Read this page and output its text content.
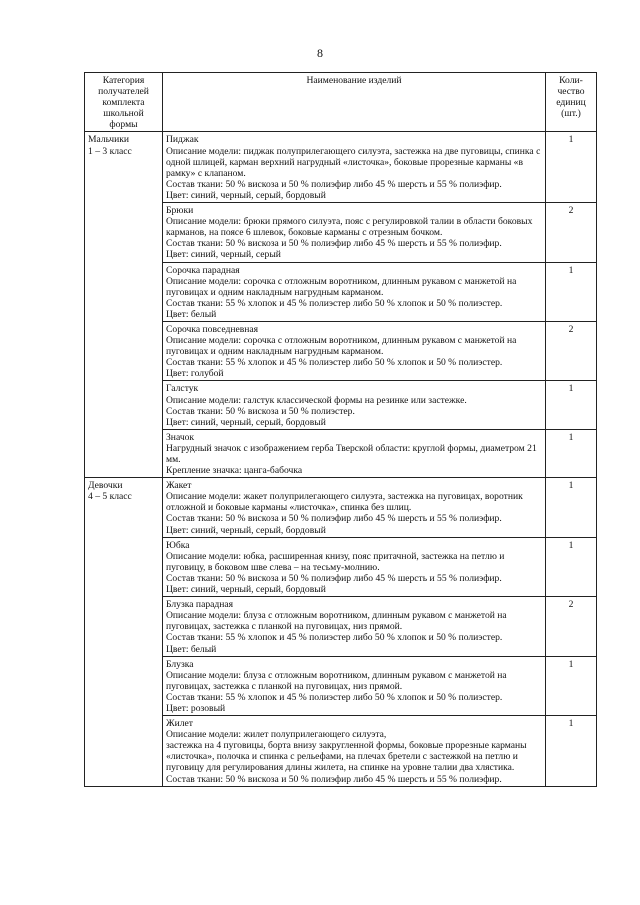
8
Категория получателей комплекта школьной формы	Наименование изделий	Коли-чество единиц (шт.)
Мальчики
1 – 3 класс	Пиджак
Описание модели: пиджак полуприлегающего силуэта, застежка на две пуговицы, спинка с одной шлицей, карман верхний нагрудный «листочка», боковые прорезные карманы «в рамку» с клапаном.
Состав ткани: 50 % вискоза и 50 % полиэфир либо 45 % шерсть и 55 % полиэфир.
Цвет: синий, черный, серый, бордовый	1

	Брюки
Описание модели: брюки прямого силуэта, пояс с регулировкой талии в области боковых карманов, на поясе 6 шлевок, боковые карманы с отрезным бочком.
Состав ткани: 50 % вискоза и 50 % полиэфир либо 45 % шерсть и 55 % полиэфир.
Цвет: синий, черный, серый	2

	Сорочка парадная
Описание модели: сорочка с отложным воротником, длинным рукавом с манжетой на пуговицах и одним накладным нагрудным карманом.
Состав ткани: 55 % хлопок и 45 % полиэстер либо 50 % хлопок и 50 % полиэстер.
Цвет: белый	1

	Сорочка повседневная
Описание модели: сорочка с отложным воротником, длинным рукавом с манжетой на пуговицах и одним накладным нагрудным карманом.
Состав ткани: 55 % хлопок и 45 % полиэстер либо 50 % хлопок и 50 % полиэстер.
Цвет: голубой	2

	Галстук
Описание модели: галстук классической формы на резинке или застежке.
Состав ткани: 50 % вискоза и 50 % полиэстер.
Цвет: синий, черный, серый, бордовый	1

	Значок
Нагрудный значок с изображением герба Тверской области: круглой формы, диаметром 21 мм.
Крепление значка: цанга-бабочка	1
Девочки
4 – 5 класс	Жакет
Описание модели: жакет полуприлегающего силуэта, застежка на пуговицах, воротник отложной и боковые карманы «листочка», спинка без шлиц.
Состав ткани: 50 % вискоза и 50 % полиэфир либо 45 % шерсть и 55 % полиэфир.
Цвет: синий, черный, серый, бордовый	1

	Юбка
Описание модели: юбка, расширенная книзу, пояс притачной, застежка на петлю и пуговицу, в боковом шве слева – на тесьму-молнию.
Состав ткани: 50 % вискоза и 50 % полиэфир либо 45 % шерсть и 55 % полиэфир.
Цвет: синий, черный, серый, бордовый	1

	Блузка парадная
Описание модели: блуза с отложным воротником, длинным рукавом с манжетой на пуговицах, застежка с планкой на пуговицах, низ прямой.
Состав ткани: 55 % хлопок и 45 % полиэстер либо 50 % хлопок и 50 % полиэстер.
Цвет: белый	2

	Блузка
Описание модели: блуза с отложным воротником, длинным рукавом с манжетой на пуговицах, застежка с планкой на пуговицах, низ прямой.
Состав ткани: 55 % хлопок и 45 % полиэстер либо 50 % хлопок и 50 % полиэстер.
Цвет: розовый	1

	Жилет
Описание модели: жилет полуприлегающего силуэта,
застежка на 4 пуговицы, борта внизу закругленной формы, боковые прорезные карманы «листочка», полочка и спинка с рельефами, на плечах бретели с застежкой на петлю и пуговицу для регулирования длины жилета, на спинке на уровне талии два хлястика.
Состав ткани: 50 % вискоза и 50 % полиэфир либо 45 % шерсть и 55 % полиэфир.	1
